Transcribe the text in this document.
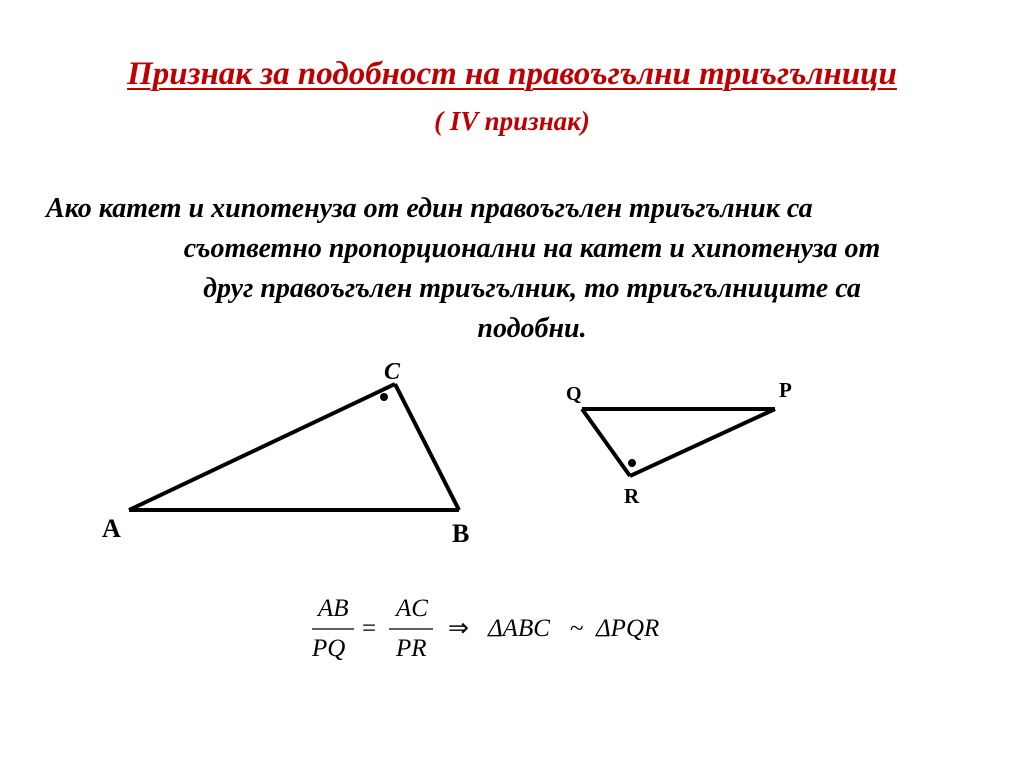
Признак за подобност на правоъгълни триъгълници
( IV признак)
Ако катет и хипотенуза от един правоъгълен триъгълник са
съответно пропорционални на катет и хипотенуза от
друг правоъгълен триъгълник, то триъгълниците са
подобни.
A	B
C
Q	P
R
AB
PQ
=
AC
PR
⇒ ΔABC ~ ΔPQR
